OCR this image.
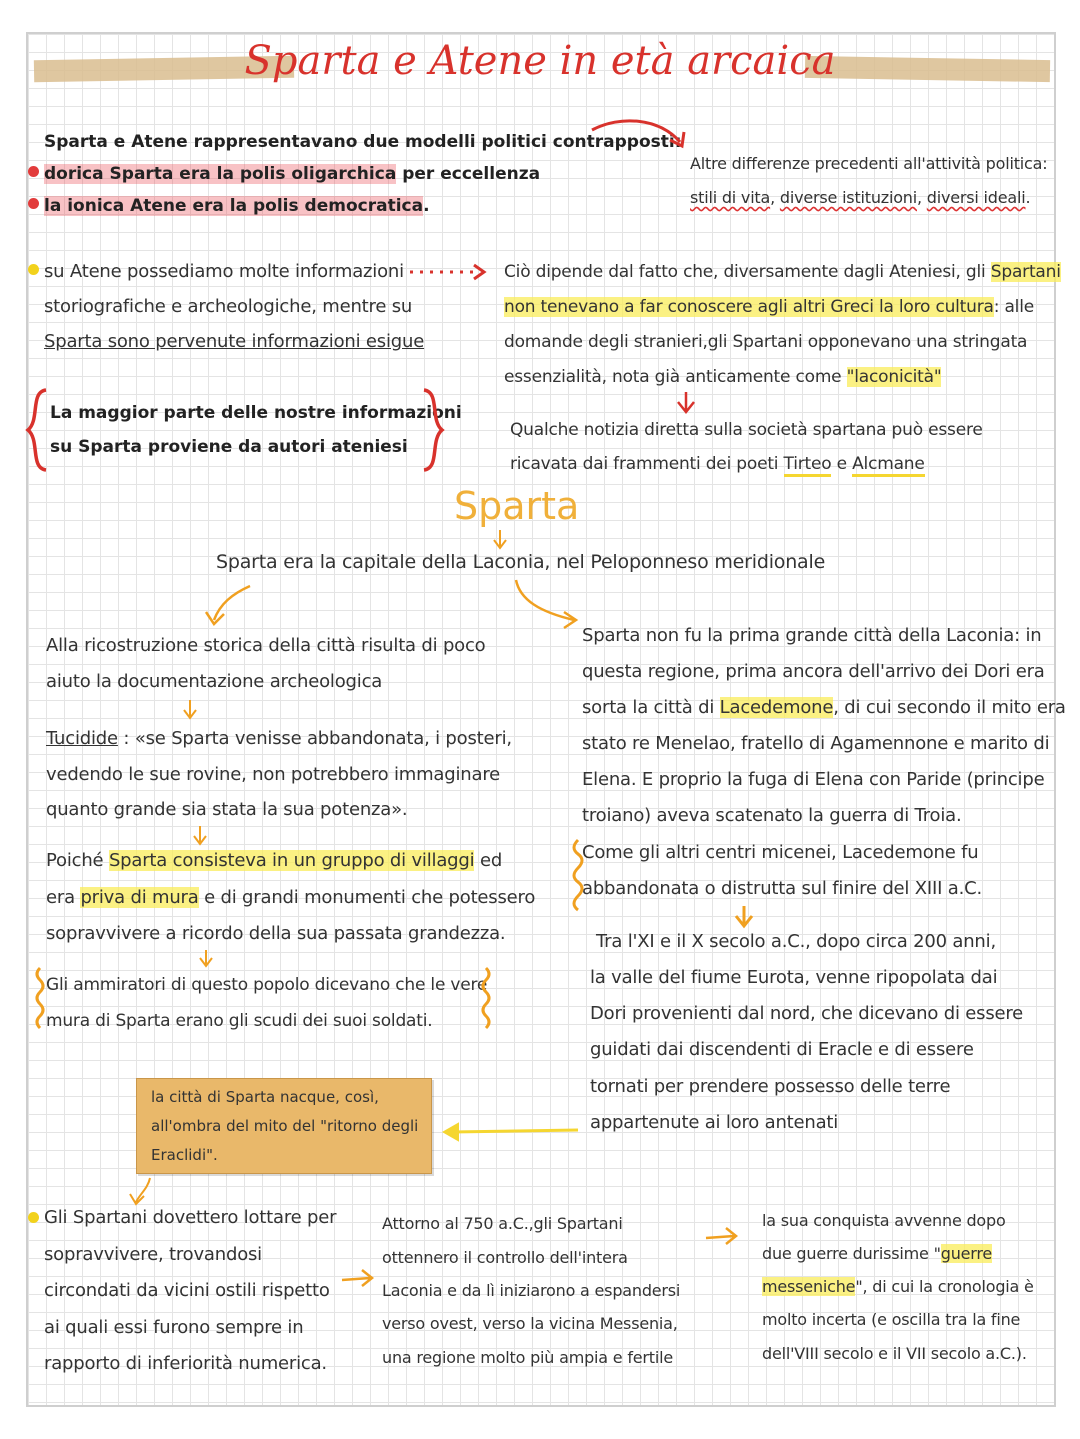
Sparta e Atene in età arcaica
Sparta e Atene rappresentavano due modelli politici contrapposti:
dorica Sparta era la polis oligarchica per eccellenza
la ionica Atene era la polis democratica.
Altre differenze precedenti all'attività politica:
stili di vita, diverse istituzioni, diversi ideali.
su Atene possediamo molte informazioni
storiografiche e archeologiche, mentre su
Sparta sono pervenute informazioni esigue
La maggior parte delle nostre informazioni
su Sparta proviene da autori ateniesi
Ciò dipende dal fatto che, diversamente dagli Ateniesi, gli Spartani
non tenevano a far conoscere agli altri Greci la loro cultura: alle
domande degli stranieri,gli Spartani opponevano una stringata
essenzialità, nota già anticamente come "laconicità"
Qualche notizia diretta sulla società spartana può essere
ricavata dai frammenti dei poeti Tirteo e Alcmane
Sparta
Sparta era la capitale della Laconia, nel Peloponneso meridionale
Alla ricostruzione storica della città risulta di poco
aiuto la documentazione archeologica
Tucidide : «se Sparta venisse abbandonata, i posteri,
vedendo le sue rovine, non potrebbero immaginare
quanto grande sia stata la sua potenza».
Poiché Sparta consisteva in un gruppo di villaggi ed
era priva di mura e di grandi monumenti che potessero
sopravvivere a ricordo della sua passata grandezza.
Gli ammiratori di questo popolo dicevano che le vere
mura di Sparta erano gli scudi dei suoi soldati.
Sparta non fu la prima grande città della Laconia: in
questa regione, prima ancora dell'arrivo dei Dori era
sorta la città di Lacedemone, di cui secondo il mito era
stato re Menelao, fratello di Agamennone e marito di
Elena. E proprio la fuga di Elena con Paride (principe
troiano) aveva scatenato la guerra di Troia.
Come gli altri centri micenei, Lacedemone fu
abbandonata o distrutta sul finire del XIII a.C.
Tra l'XI e il X secolo a.C., dopo circa 200 anni,
la valle del fiume Eurota, venne ripopolata dai
Dori provenienti dal nord, che dicevano di essere
guidati dai discendenti di Eracle e di essere
tornati per prendere possesso delle terre
appartenute ai loro antenati
la città di Sparta nacque, così,
all'ombra del mito del "ritorno degli
Eraclidi".
Gli Spartani dovettero lottare per
sopravvivere, trovandosi
circondati da vicini ostili rispetto
ai quali essi furono sempre in
rapporto di inferiorità numerica.
Attorno al 750 a.C.,gli Spartani
ottennero il controllo dell'intera
Laconia e da lì iniziarono a espandersi
verso ovest, verso la vicina Messenia,
una regione molto più ampia e fertile
la sua conquista avvenne dopo
due guerre durissime "guerre
messeniche", di cui la cronologia è
molto incerta (e oscilla tra la fine
dell'VIII secolo e il VII secolo a.C.).
